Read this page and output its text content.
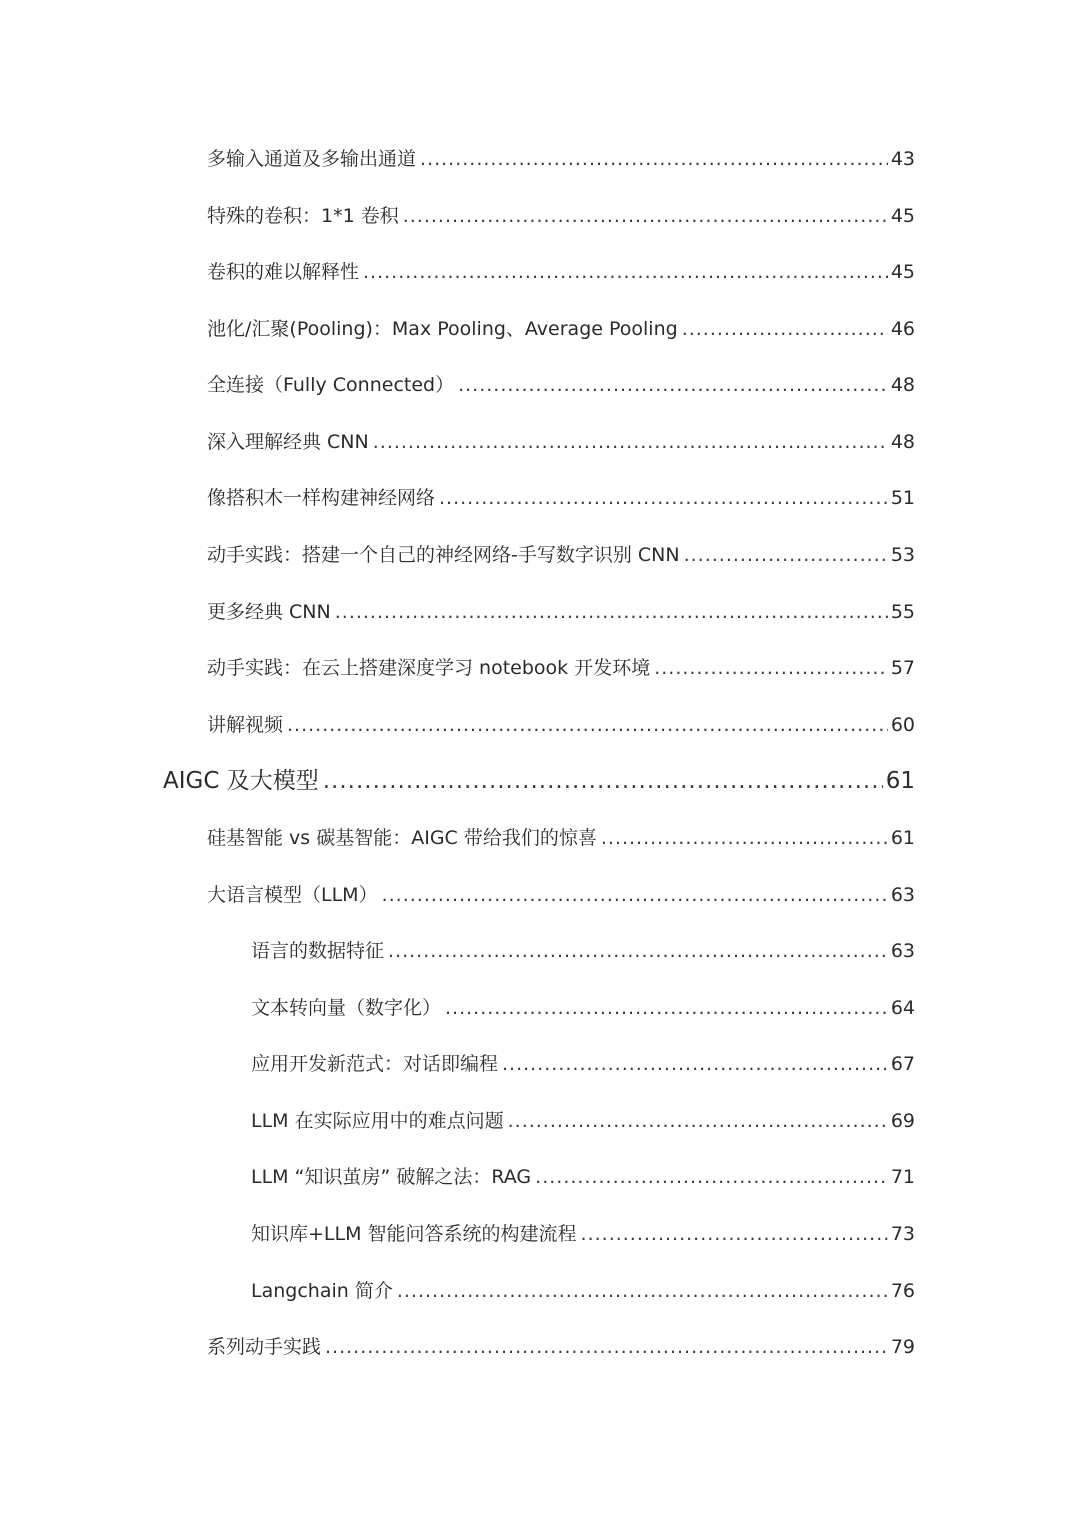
多输入通道及多输出通道 .....	43
特殊的卷积：1*1 卷积 .....	45
卷积的难以解释性 .....	45
池化/汇聚(Pooling)：Max Pooling、Average Pooling .....	46
全连接（Fully Connected） .....	48
深入理解经典 CNN .....	48
像搭积木一样构建神经网络 .....	51
动手实践：搭建一个自己的神经网络-手写数字识别 CNN .....	53
更多经典 CNN .....	55
动手实践：在云上搭建深度学习 notebook 开发环境 .....	57
讲解视频 .....	60
AIGC 及大模型 .....	61
硅基智能 vs 碳基智能：AIGC 带给我们的惊喜 .....	61
大语言模型（LLM） .....	63
语言的数据特征 .....	63
文本转向量（数字化） .....	64
应用开发新范式：对话即编程 .....	67
LLM 在实际应用中的难点问题 .....	69
LLM “知识茧房” 破解之法：RAG .....	71
知识库+LLM 智能问答系统的构建流程 .....	73
Langchain 简介 .....	76
系列动手实践 .....	79
